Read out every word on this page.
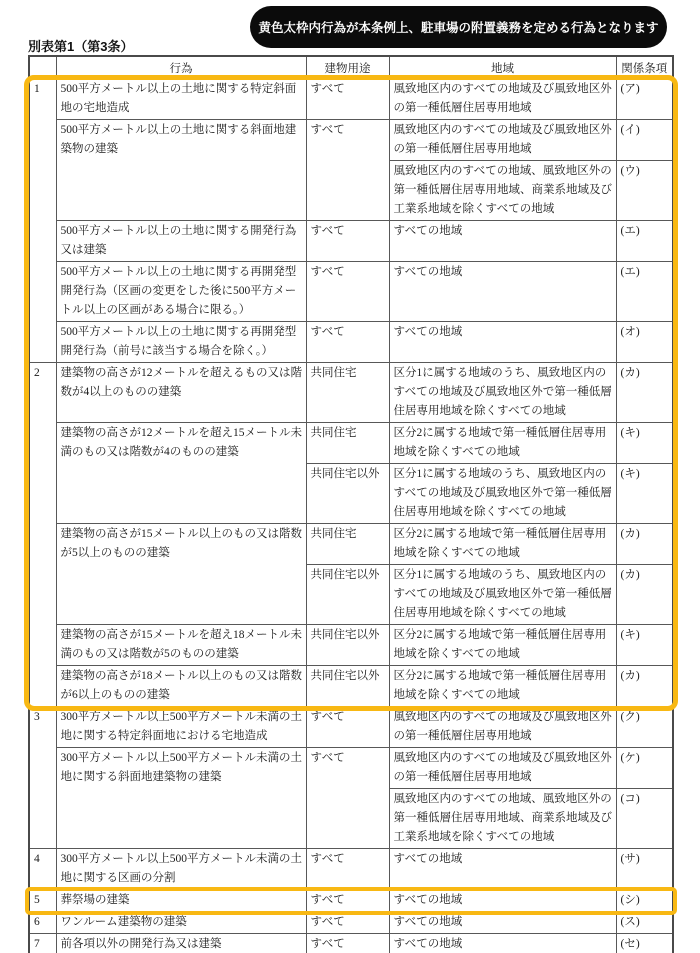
黄色太枠内行為が本条例上、駐車場の附置義務を定める行為となります
別表第1（第3条）
	行為	建物用途	地域	関係条項
1	500平方メートル以上の土地に関する特定斜面地の宅地造成	すべて	風致地区内のすべての地域及び風致地区外の第一種低層住居専用地域	(ア)
	500平方メートル以上の土地に関する斜面地建築物の建築	すべて	風致地区内のすべての地域及び風致地区外の第一種低層住居専用地域	(イ)
			風致地区内のすべての地域、風致地区外の第一種低層住居専用地域、商業系地域及び工業系地域を除くすべての地域	(ウ)
	500平方メートル以上の土地に関する開発行為又は建築	すべて	すべての地域	(エ)
	500平方メートル以上の土地に関する再開発型開発行為（区画の変更をした後に500平方メートル以上の区画がある場合に限る。）	すべて	すべての地域	(エ)
	500平方メートル以上の土地に関する再開発型開発行為（前号に該当する場合を除く。）	すべて	すべての地域	(オ)
2	建築物の高さが12メートルを超えるもの又は階数が4以上のものの建築	共同住宅	区分1に属する地域のうち、風致地区内のすべての地域及び風致地区外で第一種低層住居専用地域を除くすべての地域	(カ)
	建築物の高さが12メートルを超え15メートル未満のもの又は階数が4のものの建築	共同住宅	区分2に属する地域で第一種低層住居専用地域を除くすべての地域	(キ)
		共同住宅以外	区分1に属する地域のうち、風致地区内のすべての地域及び風致地区外で第一種低層住居専用地域を除くすべての地域	(キ)
	建築物の高さが15メートル以上のもの又は階数が5以上のものの建築	共同住宅	区分2に属する地域で第一種低層住居専用地域を除くすべての地域	(カ)
		共同住宅以外	区分1に属する地域のうち、風致地区内のすべての地域及び風致地区外で第一種低層住居専用地域を除くすべての地域	(カ)
	建築物の高さが15メートルを超え18メートル未満のもの又は階数が5のものの建築	共同住宅以外	区分2に属する地域で第一種低層住居専用地域を除くすべての地域	(キ)
	建築物の高さが18メートル以上のもの又は階数が6以上のものの建築	共同住宅以外	区分2に属する地域で第一種低層住居専用地域を除くすべての地域	(カ)
3	300平方メートル以上500平方メートル未満の土地に関する特定斜面地における宅地造成	すべて	風致地区内のすべての地域及び風致地区外の第一種低層住居専用地域	(ク)
	300平方メートル以上500平方メートル未満の土地に関する斜面地建築物の建築	すべて	風致地区内のすべての地域及び風致地区外の第一種低層住居専用地域	(ケ)
			風致地区内のすべての地域、風致地区外の第一種低層住居専用地域、商業系地域及び工業系地域を除くすべての地域	(コ)
4	300平方メートル以上500平方メートル未満の土地に関する区画の分割	すべて	すべての地域	(サ)
5	葬祭場の建築	すべて	すべての地域	(シ)
6	ワンルーム建築物の建築	すべて	すべての地域	(ス)
7	前各項以外の開発行為又は建築	すべて	すべての地域	(セ)
